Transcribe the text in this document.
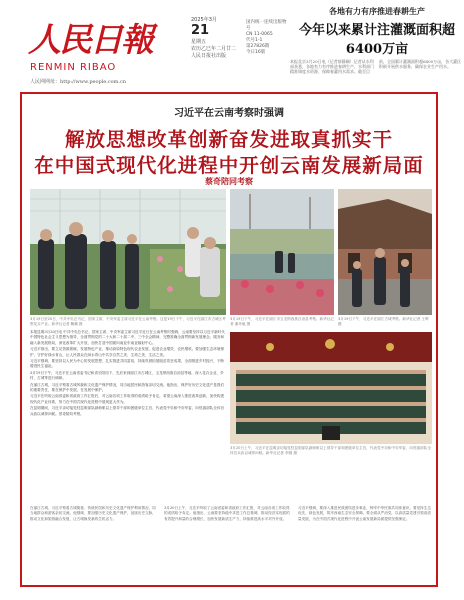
人民日報
RENMIN RIBAO
人民网网址：http://www.people.com.cn
2025年3月
21
星期五
农历乙巳年二月廿二
人民日报社出版
国内统一连续出版物号
CN 11-0065
代号1-1
第27826期
今日16版
各地有力有序推进春耕生产
今年以来累计注灌溉面积超6400万亩
本报北京3月20日电（记者郁静娴）记者从水利部获悉，各地有力有序推进春耕生产，水利部门精准调度水资源，保障春灌用水需求。截至目前，全国累计灌溉面积超6400万亩，各大灌区积极开展供水服务，确保农业生产用水。
习近平在云南考察时强调
解放思想改革创新奋发进取真抓实干
在中国式现代化进程中开创云南发展新局面
蔡奇陪同考察
3月19日至20日，中共中央总书记、国家主席、中央军委主席习近平在云南考察。这是19日下午，习近平在丽江市古城区考察花卉产业。新华社记者 鞠鹏 摄
3月19日下午，习近平在丽江市玉龙纳西族自治县考察。新华社记者 谢环驰 摄
3月19日下午，习近平在丽江古城考察。新华社记者 王晔 摄

本报昆明3月20日电 中共中央总书记、国家主席、中央军委主席习近平近日在云南考察时强调，云南要坚持以习近平新时代中国特色社会主义思想为指导，全面贯彻党的二十大和二十届二中、三中全会精神，完整准确全面贯彻新发展理念，服务和融入新发展格局，深化改革扩大开放，加快打造中国面向南亚东南亚辐射中心。

习近平指出，要立足资源禀赋，发展特色产业，推动高原特色现代农业发展，促进农业增效、农民增收。要加强生态环境保护，守护好绿水青山，让人民群众在绿水青山中共享自然之美、生命之美、生活之美。

习近平强调，要坚持以人民为中心的发展思想，扎实推进共同富裕，持续巩固拓展脱贫攻坚成果，全面推进乡村振兴，不断增进民生福祉。

3月19日下午，习近平在云南省委书记和省长陪同下，先后来到丽江市古城区、玉龙纳西族自治县等地，深入花卉企业、乡村、古城等进行调研。

在丽江古城，习近平察看古城风貌和文化遗产保护情况，同当地居民和游客亲切交流。他指出，保护好历史文化遗产是我们的重要责任，要在保护中发展，在发展中保护。

习近平在听取云南省委和省政府工作汇报后，对云南各项工作取得的成绩给予肯定，希望云南深入推进改革创新，加快构建现代化产业体系，努力在中国式现代化进程中展现更大作为。

在昆明期间，习近平亲切接见驻昆明部队副师职以上领导干部和团级单位主官，代表党中央和中央军委，向驻滇部队全体官兵致以诚挚问候。蔡奇陪同考察。

3月20日上午，习近平在昆明亲切接见驻昆明部队副师职以上领导干部和团级单位主官，代表党中央和中央军委，向驻滇部队全体官兵致以诚挚问候。新华社记者 李刚 摄
在丽江古城，习近平察看古城街巷、传统民居和历史文化遗产保护利用情况，同当地群众和游客亲切交流。他强调，要加强历史文化遗产保护，延续历史文脉，推动文化和旅游融合发展，让古城焕发新的生机活力。
3月20日上午，习近平听取了云南省委和省政府工作汇报，对云南各项工作取得的成绩给予肯定。他指出，云南要坚持稳中求进工作总基调，推动经济实现质的有效提升和量的合理增长，加快发展新质生产力，持续推进高水平对外开放。
习近平强调，要深入推进民族团结进步事业，铸牢中华民族共同体意识。要坚持生态优先、绿色发展，筑牢西南生态安全屏障。要全面从严治党，以高质量党建引领高质量发展，为在中国式现代化进程中开创云南发展新局面提供坚强保证。
